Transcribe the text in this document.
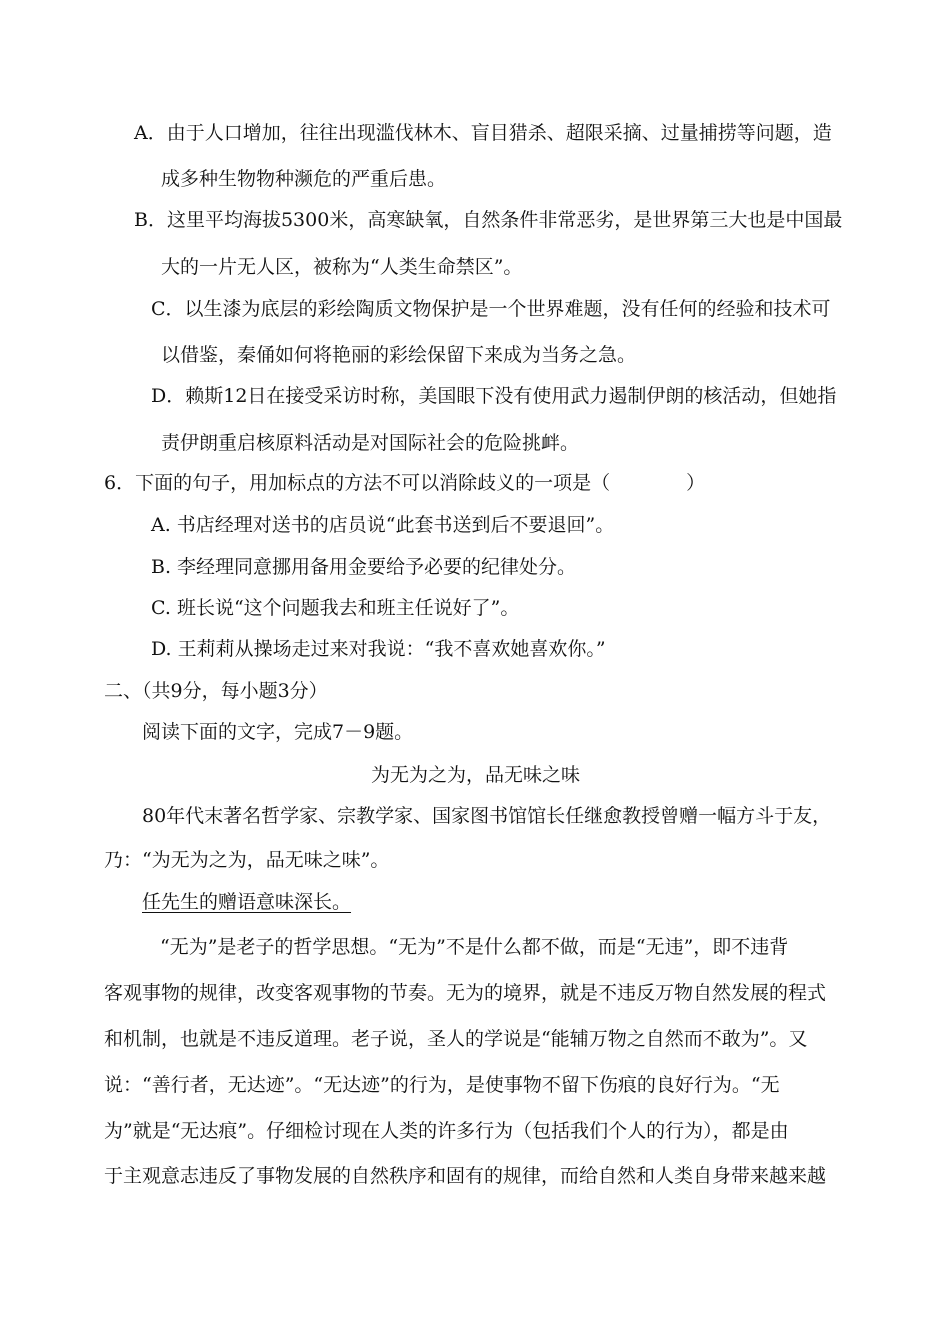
A．由于人口增加，往往出现滥伐林木、盲目猎杀、超限采摘、过量捕捞等问题，造
成多种生物物种濒危的严重后患。
B．这里平均海拔5300米，高寒缺氧，自然条件非常恶劣，是世界第三大也是中国最
大的一片无人区，被称为“人类生命禁区”。
C．以生漆为底层的彩绘陶质文物保护是一个世界难题，没有任何的经验和技术可
以借鉴，秦俑如何将艳丽的彩绘保留下来成为当务之急。
D．赖斯12日在接受采访时称，美国眼下没有使用武力遏制伊朗的核活动，但她指
责伊朗重启核原料活动是对国际社会的危险挑衅。
6．下面的句子，用加标点的方法不可以消除歧义的一项是（　　　　）
A. 书店经理对送书的店员说“此套书送到后不要退回”。
B. 李经理同意挪用备用金要给予必要的纪律处分。
C. 班长说“这个问题我去和班主任说好了”。
D. 王莉莉从操场走过来对我说：“我不喜欢她喜欢你。”
二、（共9分，每小题3分）
阅读下面的文字，完成7－9题。
为无为之为，品无味之味
80年代末著名哲学家、宗教学家、国家图书馆馆长任继愈教授曾赠一幅方斗于友，
乃：“为无为之为，品无味之味”。
任先生的赠语意味深长。
“无为”是老子的哲学思想。“无为”不是什么都不做，而是“无违”，即不违背
客观事物的规律，改变客观事物的节奏。无为的境界，就是不违反万物自然发展的程式
和机制，也就是不违反道理。老子说，圣人的学说是“能辅万物之自然而不敢为”。又
说：“善行者，无达迹”。“无达迹”的行为，是使事物不留下伤痕的良好行为。“无
为”就是“无达痕”。仔细检讨现在人类的许多行为（包括我们个人的行为），都是由
于主观意志违反了事物发展的自然秩序和固有的规律，而给自然和人类自身带来越来越
